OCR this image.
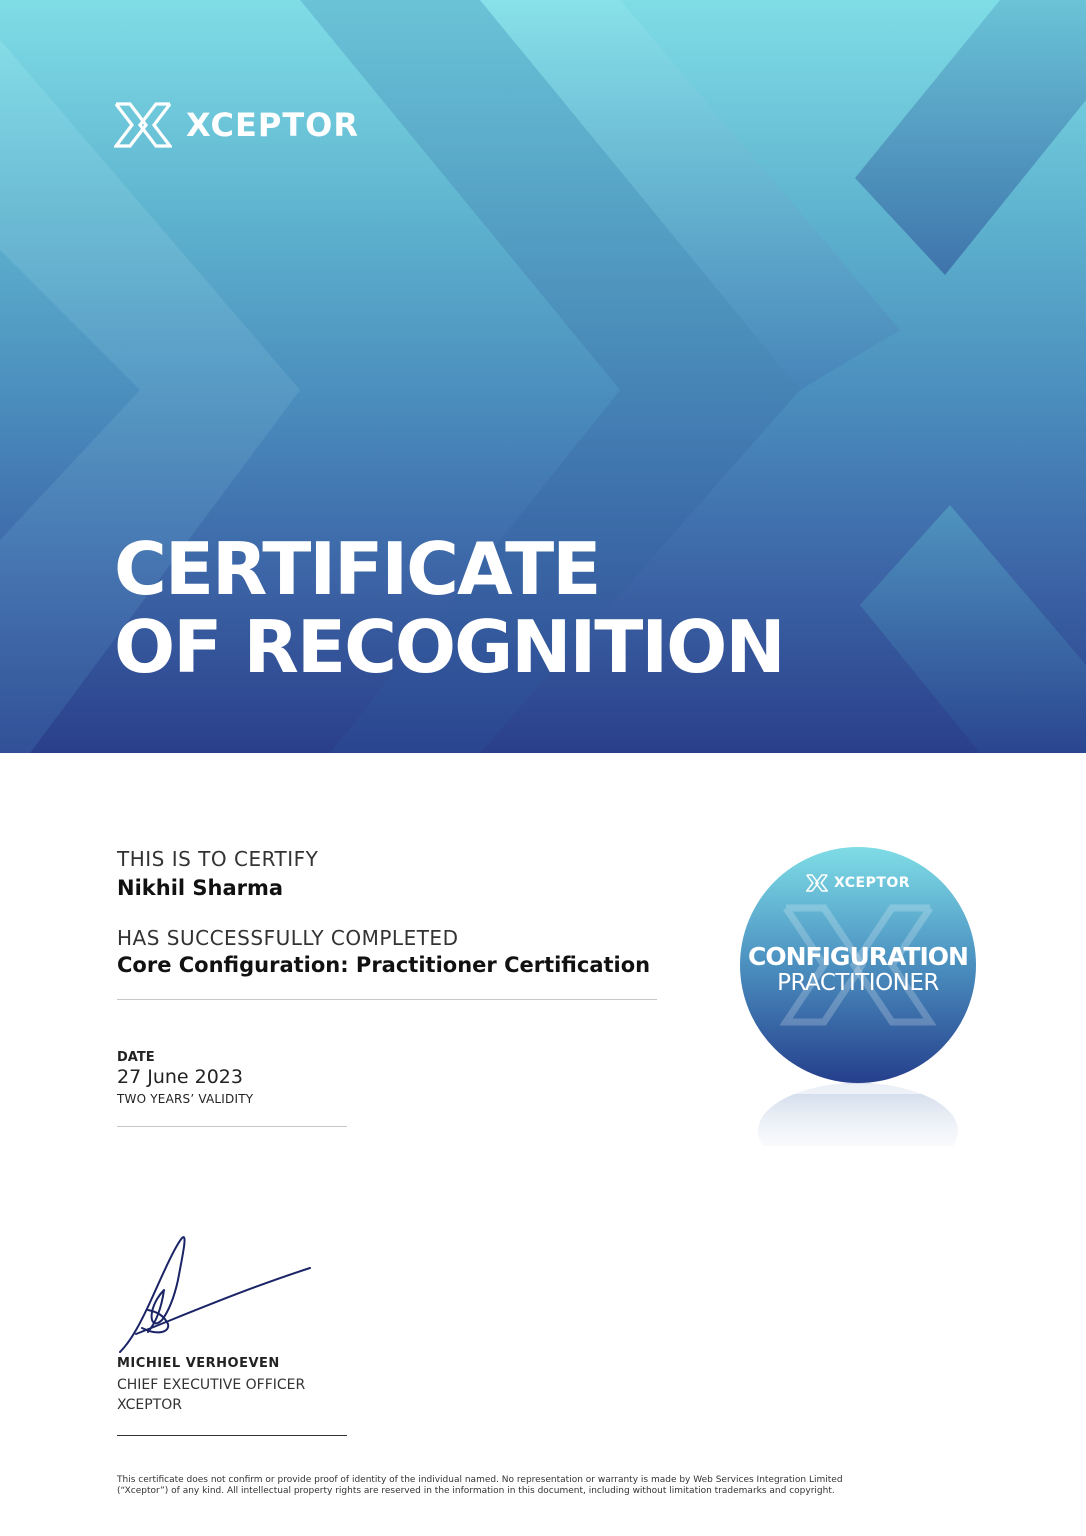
XCEPTOR
CERTIFICATE
OF RECOGNITION
THIS IS TO CERTIFY
Nikhil Sharma
HAS SUCCESSFULLY COMPLETED
Core Configuration: Practitioner Certification
DATE
27 June 2023
TWO YEARS’ VALIDITY
XCEPTOR
CONFIGURATION
PRACTITIONER
MICHIEL VERHOEVEN
CHIEF EXECUTIVE OFFICER
XCEPTOR
This certificate does not confirm or provide proof of identity of the individual named. No representation or warranty is made by Web Services Integration Limited (“Xceptor”) of any kind. All intellectual property rights are reserved in the information in this document, including without limitation trademarks and copyright.
